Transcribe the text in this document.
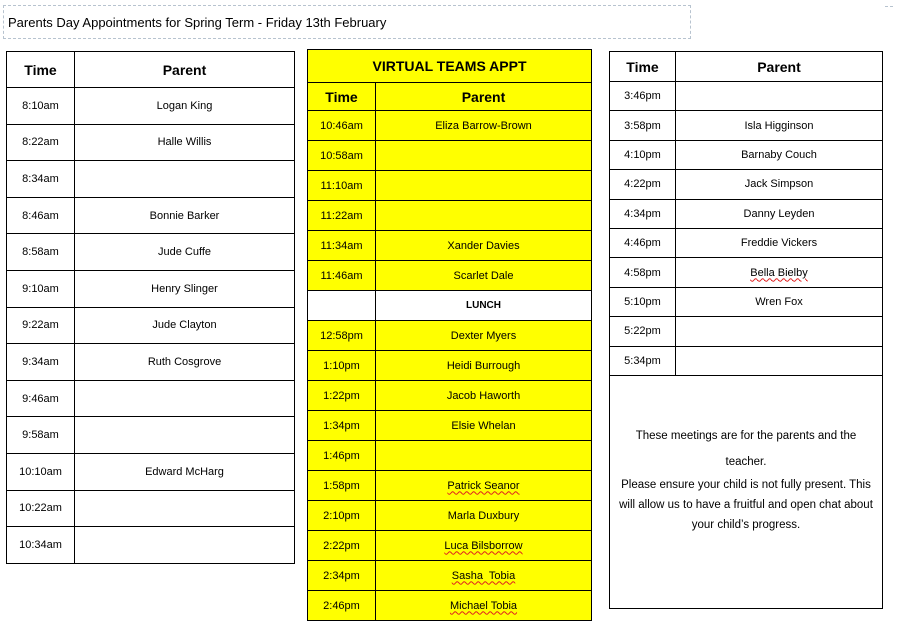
Parents Day Appointments for Spring Term - Friday 13th February
Time	Parent
8:10am	Logan King
8:22am	Halle Willis
8:34am	
8:46am	Bonnie Barker
8:58am	Jude Cuffe
9:10am	Henry Slinger
9:22am	Jude Clayton
9:34am	Ruth Cosgrove
9:46am	
9:58am	
10:10am	Edward McHarg
10:22am	
10:34am	
VIRTUAL TEAMS APPT	
Time	Parent
10:46am	Eliza Barrow-Brown
10:58am	
11:10am	
11:22am	
11:34am	Xander Davies
11:46am	Scarlet Dale
	LUNCH
12:58pm	Dexter Myers
1:10pm	Heidi Burrough
1:22pm	Jacob Haworth
1:34pm	Elsie Whelan
1:46pm	
1:58pm	Patrick Seanor
2:10pm	Marla Duxbury
2:22pm	Luca Bilsborrow
2:34pm	Sasha  Tobia
2:46pm	Michael Tobia
Time	Parent
3:46pm	
3:58pm	Isla Higginson
4:10pm	Barnaby Couch
4:22pm	Jack Simpson
4:34pm	Danny Leyden
4:46pm	Freddie Vickers
4:58pm	Bella Bielby
5:10pm	Wren Fox
5:22pm	
5:34pm	

These meetings are for the parents and the teacher.
Please ensure your child is not fully present. This will allow us to have a fruitful and open chat about your child’s progress.	
